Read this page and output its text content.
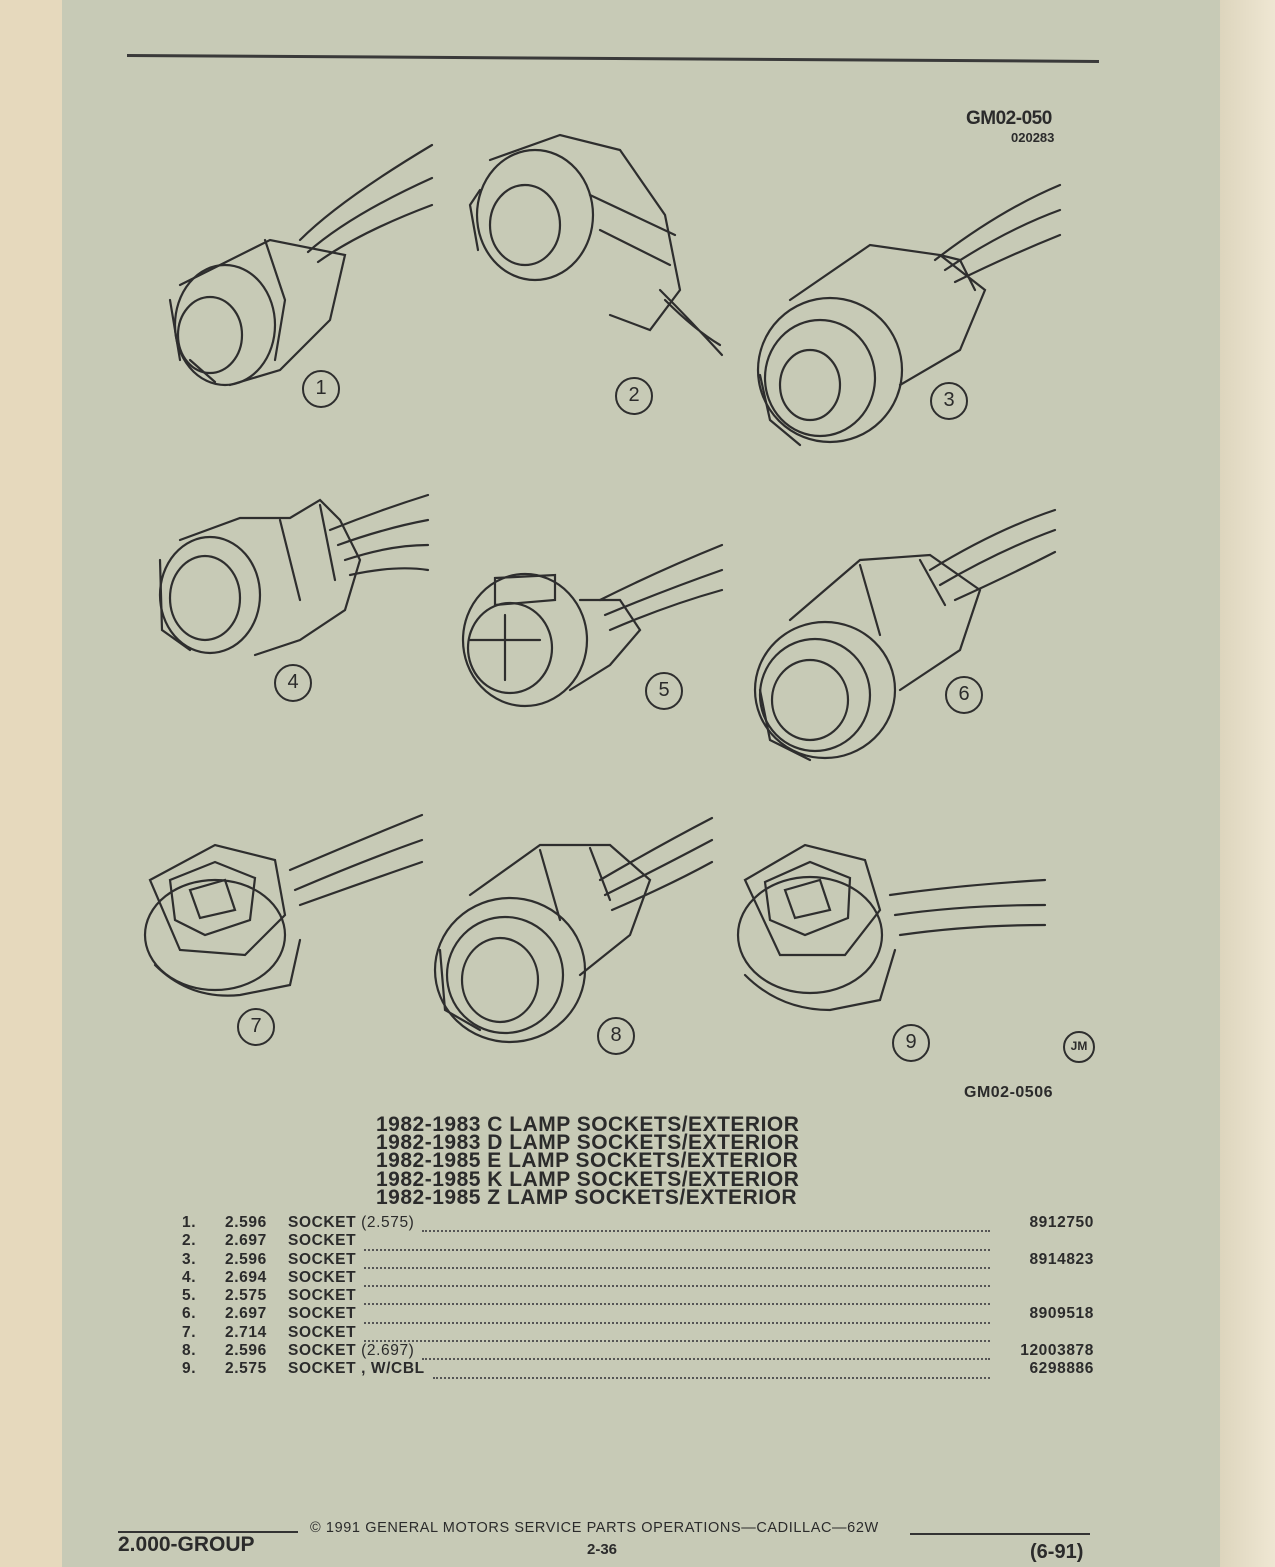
GM02-050
020283
1	2	3
4	5	6
7	8	9	JM
GM02-0506
1982-1983 C LAMP SOCKETS/EXTERIOR
1982-1983 D LAMP SOCKETS/EXTERIOR
1982-1985 E LAMP SOCKETS/EXTERIOR
1982-1985 K LAMP SOCKETS/EXTERIOR
1982-1985 Z LAMP SOCKETS/EXTERIOR
1.	2.596	SOCKET (2.575)	8912750
2.	2.697	SOCKET
3.	2.596	SOCKET	8914823
4.	2.694	SOCKET
5.	2.575	SOCKET
6.	2.697	SOCKET	8909518
7.	2.714	SOCKET
8.	2.596	SOCKET (2.697)	12003878
9.	2.575	SOCKET , W/CBL	6298886
2.000-GROUP
© 1991 GENERAL MOTORS SERVICE PARTS OPERATIONS—CADILLAC—62W
2-36	(6-91)
